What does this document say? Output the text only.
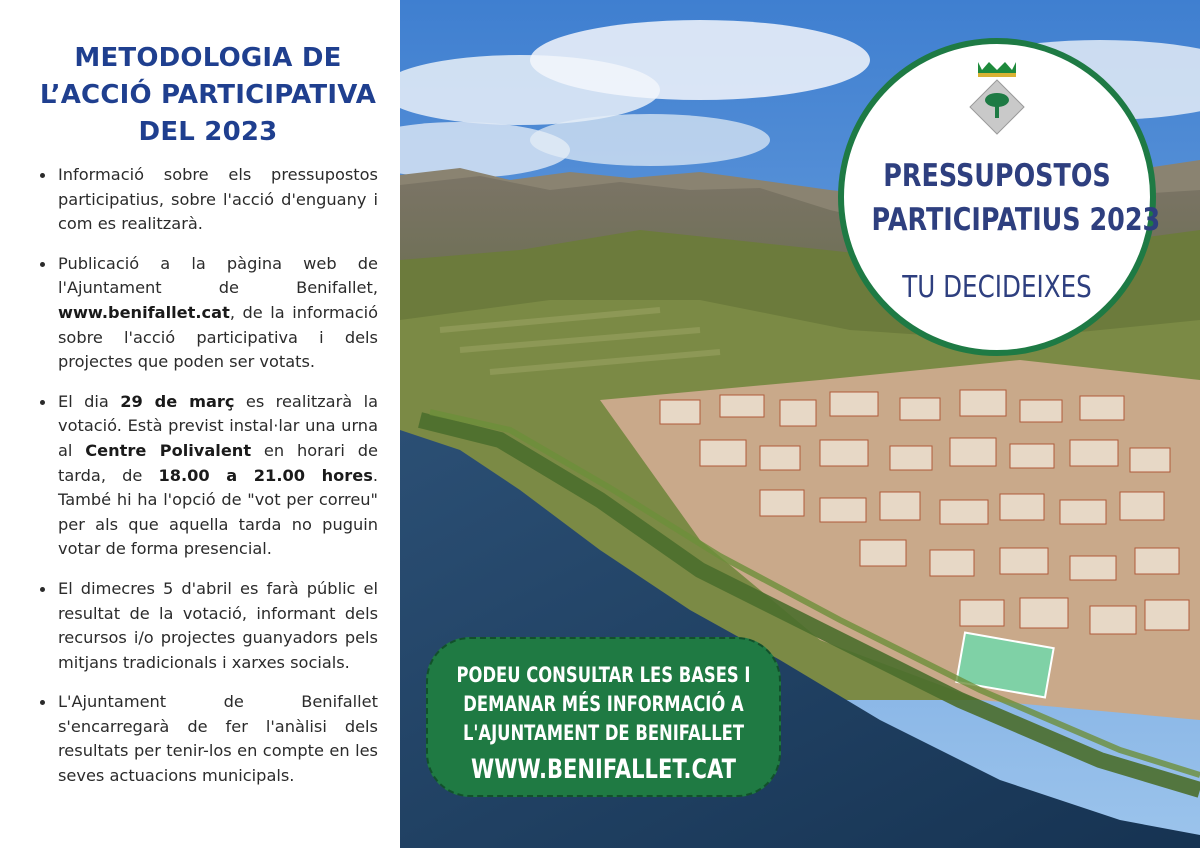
METODOLOGIA DE
L’ACCIÓ PARTICIPATIVA
DEL 2023
Informació sobre els pressupostos participatius, sobre l'acció d'enguany i com es realitzarà.
Publicació a la pàgina web de l'Ajuntament de Benifallet, www.benifallet.cat, de la informació sobre l'acció participativa i dels projectes que poden ser votats.
El dia 29 de març es realitzarà la votació. Està previst instal·lar una urna al Centre Polivalent en horari de tarda, de 18.00 a 21.00 hores. També hi ha l'opció de "vot per correu" per als que aquella tarda no puguin votar de forma presencial.
El dimecres 5 d'abril es farà públic el resultat de la votació, informant dels recursos i/o projectes guanyadors pels mitjans tradicionals i xarxes socials.
L'Ajuntament de Benifallet s'encarregarà de fer l'anàlisi dels resultats per tenir-los en compte en les seves actuacions municipals.
PRESSUPOSTOS
PARTICIPATIUS 2023
TU DECIDEIXES
PODEU CONSULTAR LES BASES I
DEMANAR MÉS INFORMACIÓ A
L'AJUNTAMENT DE BENIFALLET
WWW.BENIFALLET.CAT
